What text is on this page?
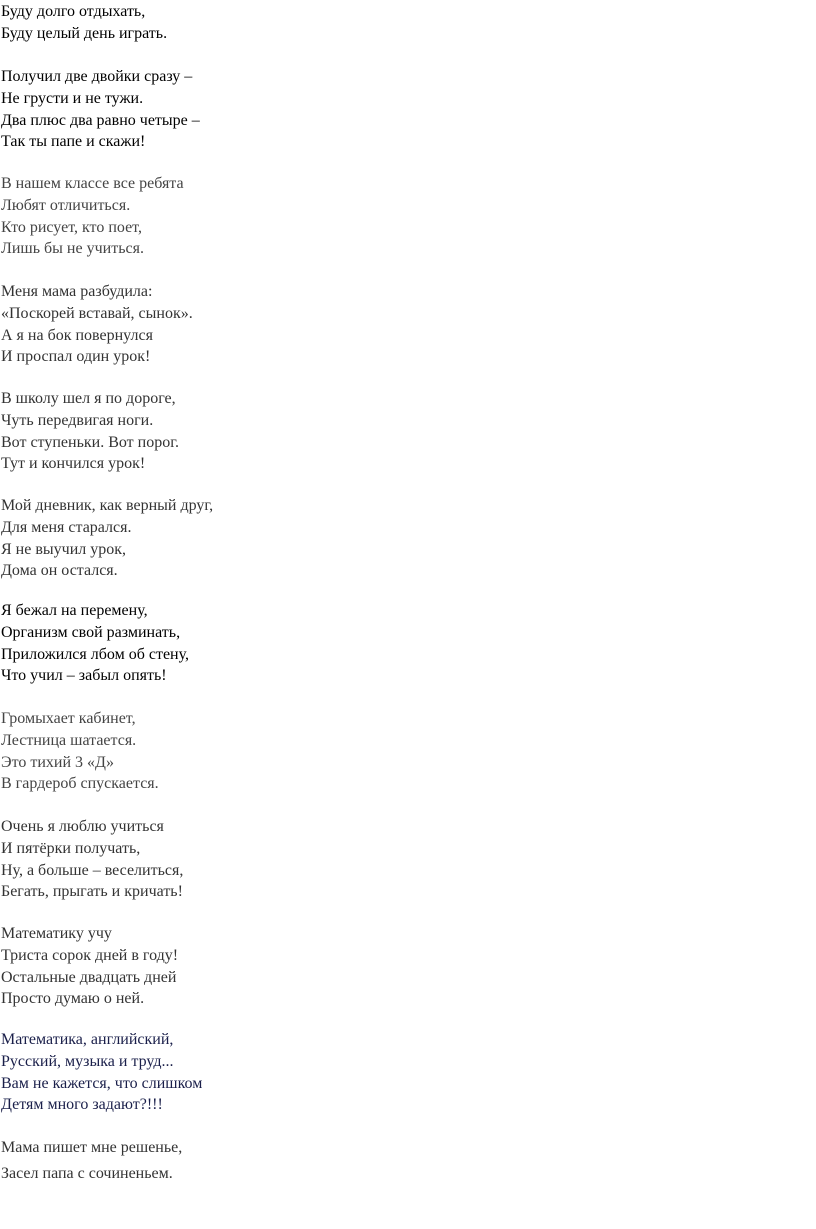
Буду долго отдыхать,
Буду целый день играть.
Получил две двойки сразу –
Не грусти и не тужи.
Два плюс два равно четыре –
Так ты папе и скажи!
В нашем классе все ребята
Любят отличиться.
Кто рисует, кто поет,
Лишь бы не учиться.
Меня мама разбудила:
«Поскорей вставай, сынок».
А я на бок повернулся
И проспал один урок!
В школу шел я по дороге,
Чуть передвигая ноги.
Вот ступеньки. Вот порог.
Тут и кончился урок!
Мой дневник, как верный друг,
Для меня старался.
Я не выучил урок,
Дома он остался.
Я бежал на перемену,
Организм свой разминать,
Приложился лбом об стену,
Что учил – забыл опять!
Громыхает кабинет,
Лестница шатается.
Это тихий 3 «Д»
В гардероб спускается.
Очень я люблю учиться
И пятёрки получать,
Ну, а больше – веселиться,
Бегать, прыгать и кричать!
Математику учу
Триста сорок дней в году!
Остальные двадцать дней
Просто думаю о ней.
Математика, английский,
Русский, музыка и труд...
Вам не кажется, что слишком
Детям много задают?!!!
Мама пишет мне решенье,
Засел папа с сочиненьем.
